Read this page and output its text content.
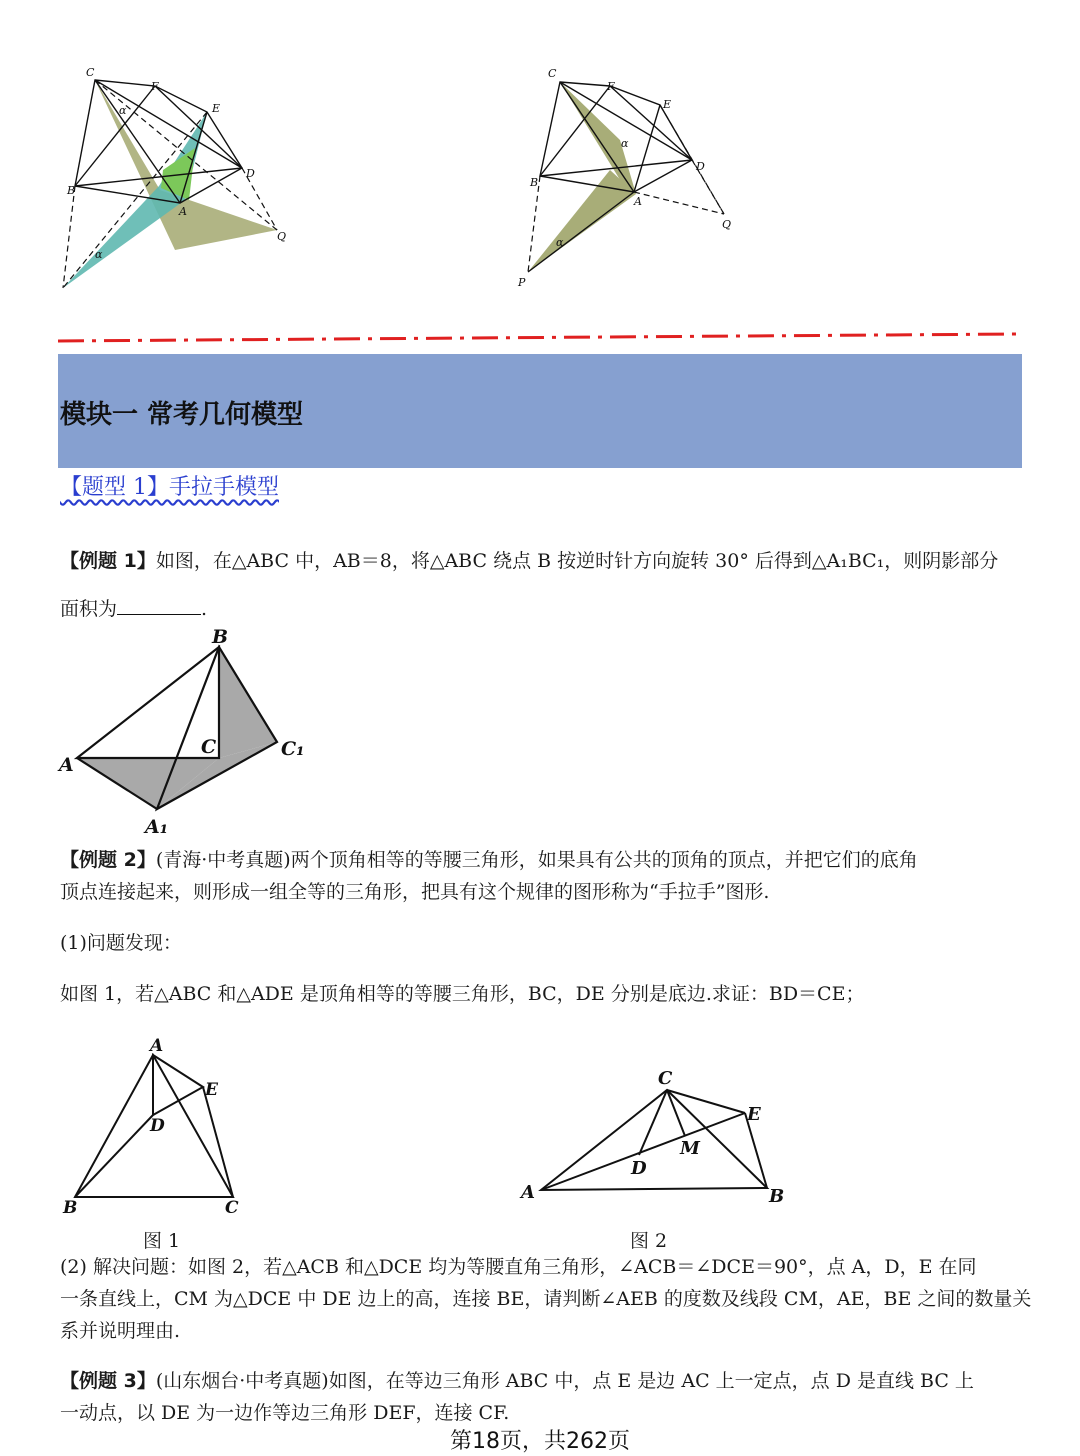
C
F
E
B
D
A
Q
α
α
C
F
E
B
D
A
Q
P
α
α
模块一 常考几何模型
【题型 1】手拉手模型
【例题 1】如图，在△ABC 中，AB＝8，将△ABC 绕点 B 按逆时针方向旋转 30° 后得到△A₁BC₁，则阴影部分
面积为	.
B
A
C	C₁
A₁
【例题 2】(青海·中考真题)两个顶角相等的等腰三角形，如果具有公共的顶角的顶点，并把它们的底角
顶点连接起来，则形成一组全等的三角形，把具有这个规律的图形称为“手拉手”图形.
(1)问题发现：
如图 1，若△ABC 和△ADE 是顶角相等的等腰三角形，BC，DE 分别是底边.求证：BD＝CE；
A
E
D
B	C
C
E
M
D
A	B
图 1	图 2
(2) 解决问题：如图 2，若△ACB 和△DCE 均为等腰直角三角形，∠ACB＝∠DCE＝90°，点 A，D，E 在同
一条直线上，CM 为△DCE 中 DE 边上的高，连接 BE，请判断∠AEB 的度数及线段 CM，AE，BE 之间的数量关
系并说明理由.
【例题 3】(山东烟台·中考真题)如图，在等边三角形 ABC 中，点 E 是边 AC 上一定点，点 D 是直线 BC 上
一动点，以 DE 为一边作等边三角形 DEF，连接 CF.
第18页，共262页
